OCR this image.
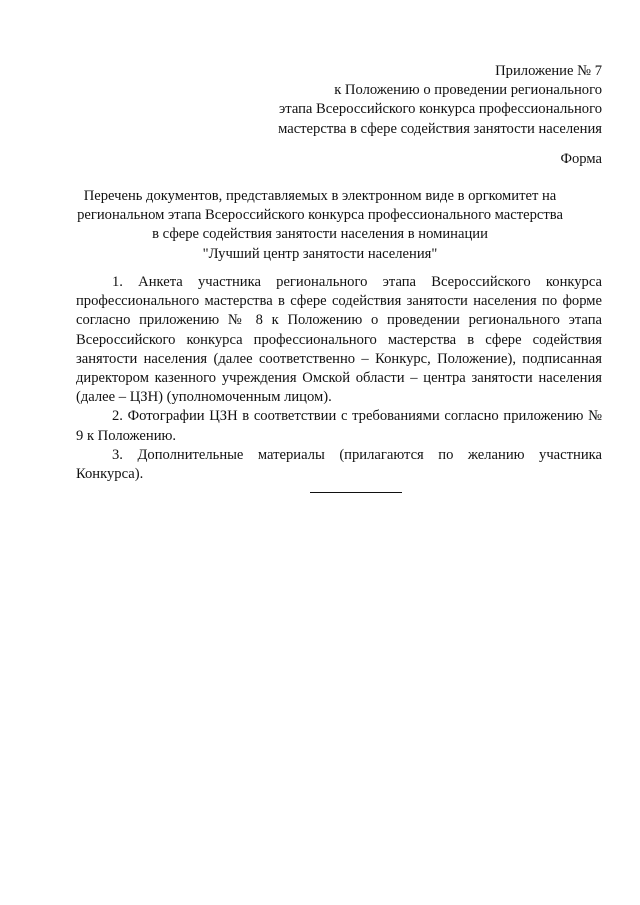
Приложение № 7
к Положению о проведении регионального
этапа Всероссийского конкурса профессионального
мастерства в сфере содействия занятости населения
Форма
Перечень документов, представляемых в электронном виде в оргкомитет на
региональном этапа Всероссийского конкурса профессионального мастерства
в сфере содействия занятости населения в номинации
"Лучший центр занятости населения"

1. Анкета участника регионального этапа Всероссийского конкурса профессионального мастерства в сфере содействия занятости населения по форме согласно приложению № 8 к Положению о проведении регионального этапа Всероссийского конкурса профессионального мастерства в сфере содействия занятости населения (далее соответственно – Конкурс, Положение), подписанная директором казенного учреждения Омской области – центра занятости населения (далее – ЦЗН) (уполномоченным лицом).

2. Фотографии ЦЗН в соответствии с требованиями согласно приложению № 9 к Положению.

3. Дополнительные материалы (прилагаются по желанию участника Конкурса).
